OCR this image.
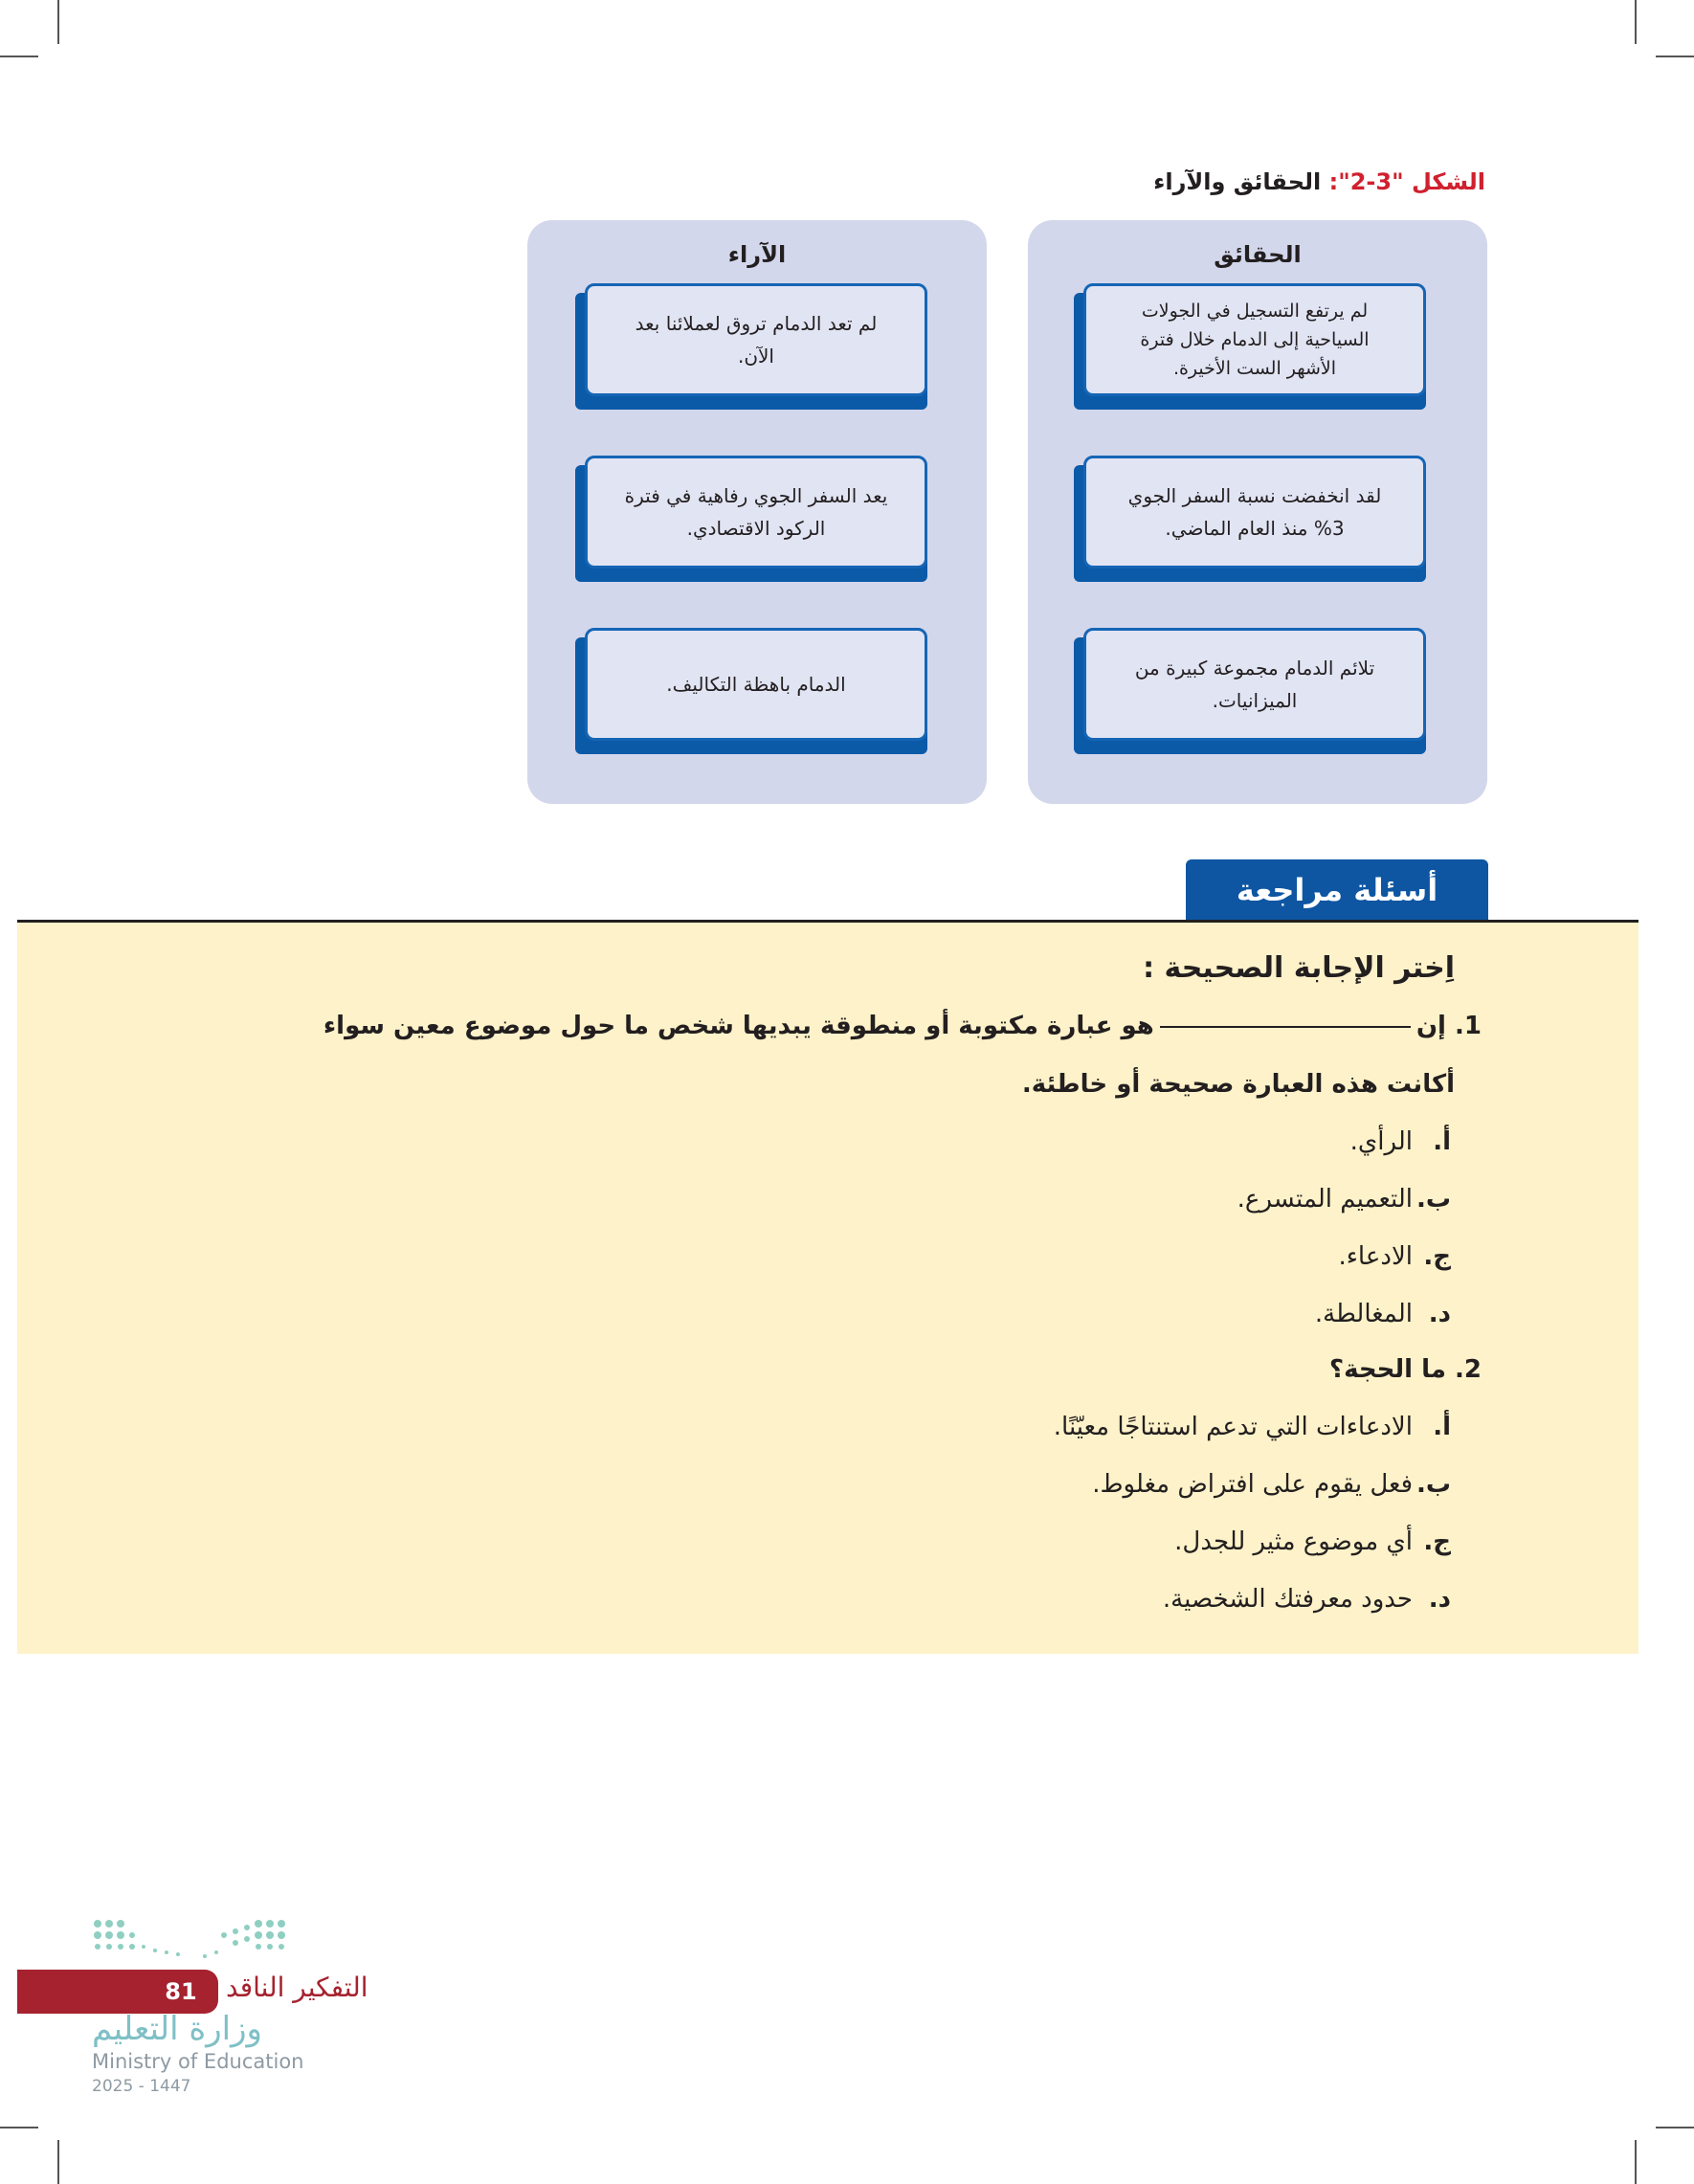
الشكل "3-2": الحقائق والآراء
الحقائق
لم يرتفع التسجيل في الجولات السياحية إلى الدمام خلال فترة الأشهر الست الأخيرة.
لقد انخفضت نسبة السفر الجوي 3% منذ العام الماضي.
تلائم الدمام مجموعة كبيرة من الميزانيات.
الآراء
لم تعد الدمام تروق لعملائنا بعد الآن.
يعد السفر الجوي رفاهية في فترة الركود الاقتصادي.
الدمام باهظة التكاليف.
أسئلة مراجعة
اِختر الإجابة الصحيحة :
1. إنهو عبارة مكتوبة أو منطوقة يبديها شخص ما حول موضوع معين سواء
أكانت هذه العبارة صحيحة أو خاطئة.
أ.الرأي.
ب.التعميم المتسرع.
ج.الادعاء.
د.المغالطة.
2. ما الحجة؟
أ.الادعاءات التي تدعم استنتاجًا معيّنًا.
ب.فعل يقوم على افتراض مغلوط.
ج.أي موضوع مثير للجدل.
د.حدود معرفتك الشخصية.
81	التفكير الناقد
وزارة التعليم
Ministry of Education
2025 - 1447
